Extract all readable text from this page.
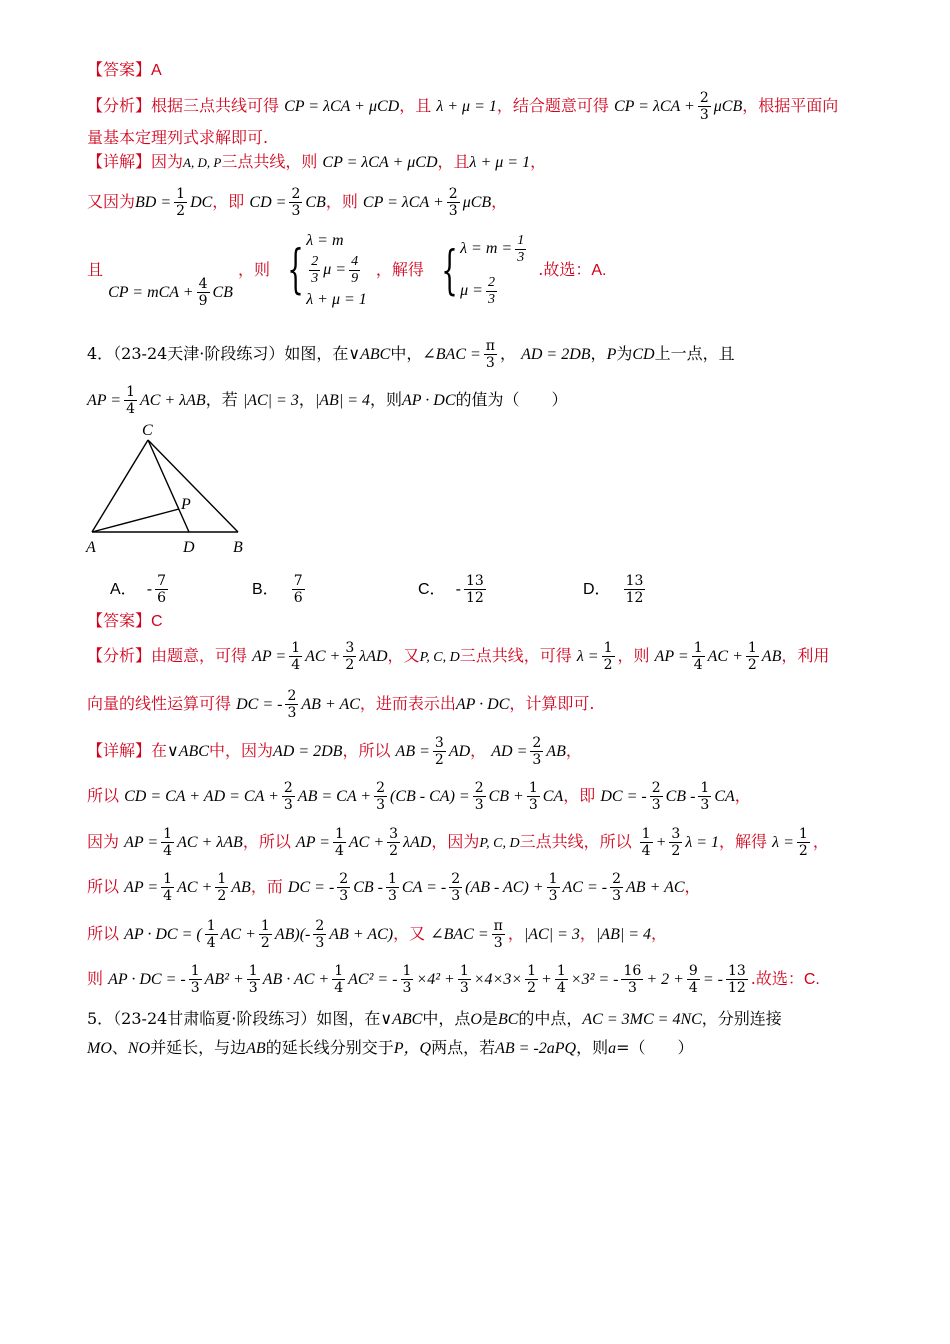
【答案】A
【分析】根据三点共线可得 CP = λCA + μCD，且 λ + μ = 1，结合题意可得 CP = $\lambda CA + \frac{2}{3}$ μCB，根据平面向
量基本定理列式求解即可.
【详解】因为A, D, P三点共线，则 CP = λCA + μCD，且λ + μ = 1，
又因为BD = $\frac{1}{2}$ DC，即 CD = $\frac{2}{3}$ CB，则 CP = $\lambda CA + \frac{2}{3}$ μCB，
且 CP = mCA + $\frac{4}{9}$ CB ，则 { λ = m
$\frac{2}{3}$ $\mu = \frac{4}{9}$
λ + μ = 1
，解得 { $\lambda = m = \frac{1}{3}$
$\mu = \frac{2}{3}$
.故选：A.
4．（23-24天津·阶段练习）如图，在∨ABC中，∠BAC = $\frac{\pi}{3}$ ， AD = 2DB，P为CD上一点，且
AP = $\frac{1}{4}$ AC + λAB，若 |AC| = 3，|AB| = 4，则AP · DC的值为（　　）
C
P
A	D B
A． - $\frac{7}{6}$	B． $\frac{7}{6}$	C． - $\frac{13}{12}$	D． $\frac{13}{12}$
【答案】C
【分析】由题意，可得 AP = $\frac{1}{4}$ AC + $\frac{3}{2}$ λAD，又P, C, D三点共线，可得 $\lambda = \frac{1}{2}$ ，则 AP = $\frac{1}{4}$ AC + $\frac{1}{2}$ AB，利用
向量的线性运算可得 DC = - $\frac{2}{3}$ AB + AC，进而表示出AP · DC，计算即可.
【详解】在∨ABC中，因为AD = 2DB，所以 AB = $\frac{3}{2}$ AD， AD = $\frac{2}{3}$ AB，
所以 CD = CA + AD = CA + $\frac{2}{3}$ AB = CA + $\frac{2}{3} (CB - CA) = \frac{2}{3}$ CB + $\frac{1}{3}$ CA，即 DC = - $\frac{2}{3}$ CB - $\frac{1}{3}$ CA，
因为 AP = $\frac{1}{4}$ AC + λAB，所以 AP = $\frac{1}{4}$ AC + $\frac{3}{2}$ λAD，因为P, C, D三点共线，所以 $\frac{1}{4} + \frac{3}{2}$ λ = 1，解得 $\lambda = \frac{1}{2}$ ，
所以 AP = $\frac{1}{4}$ AC + $\frac{1}{2}$ AB，而 DC = - $\frac{2}{3}$ CB - $\frac{1}{3}$ CA = - $\frac{2}{3} (AB - AC) + \frac{1}{3}$ AC = - $\frac{2}{3}$ AB + AC，
所以 AP · DC = ( $\frac{1}{4}$ AC + $\frac{1}{2} AB)(- \frac{2}{3}$ AB + AC)，又 ∠BAC = $\frac{\pi}{3}$ ，|AC| = 3，|AB| = 4，
则 AP · DC = - $\frac{1}{3} AB^2 + \frac{1}{3}$ AB · AC + $\frac{1}{4} AC^2$ = - $\frac{1}{3} \times 4^2 + \frac{1}{3} \times 4\times 3\times \frac{1}{2} + \frac{1}{4} \times 3^2$ = - $\frac{16}{3} + 2 + \frac{9}{4}$ = - $\frac{13}{12}$ .故选：C.
5．（23-24甘肃临夏·阶段练习）如图，在∨ABC中，点O是BC的中点，AC = 3MC = 4NC，分别连接
MO、NO并延长，与边AB的延长线分别交于P，Q两点，若AB = -2aPQ，则a=（　　）
